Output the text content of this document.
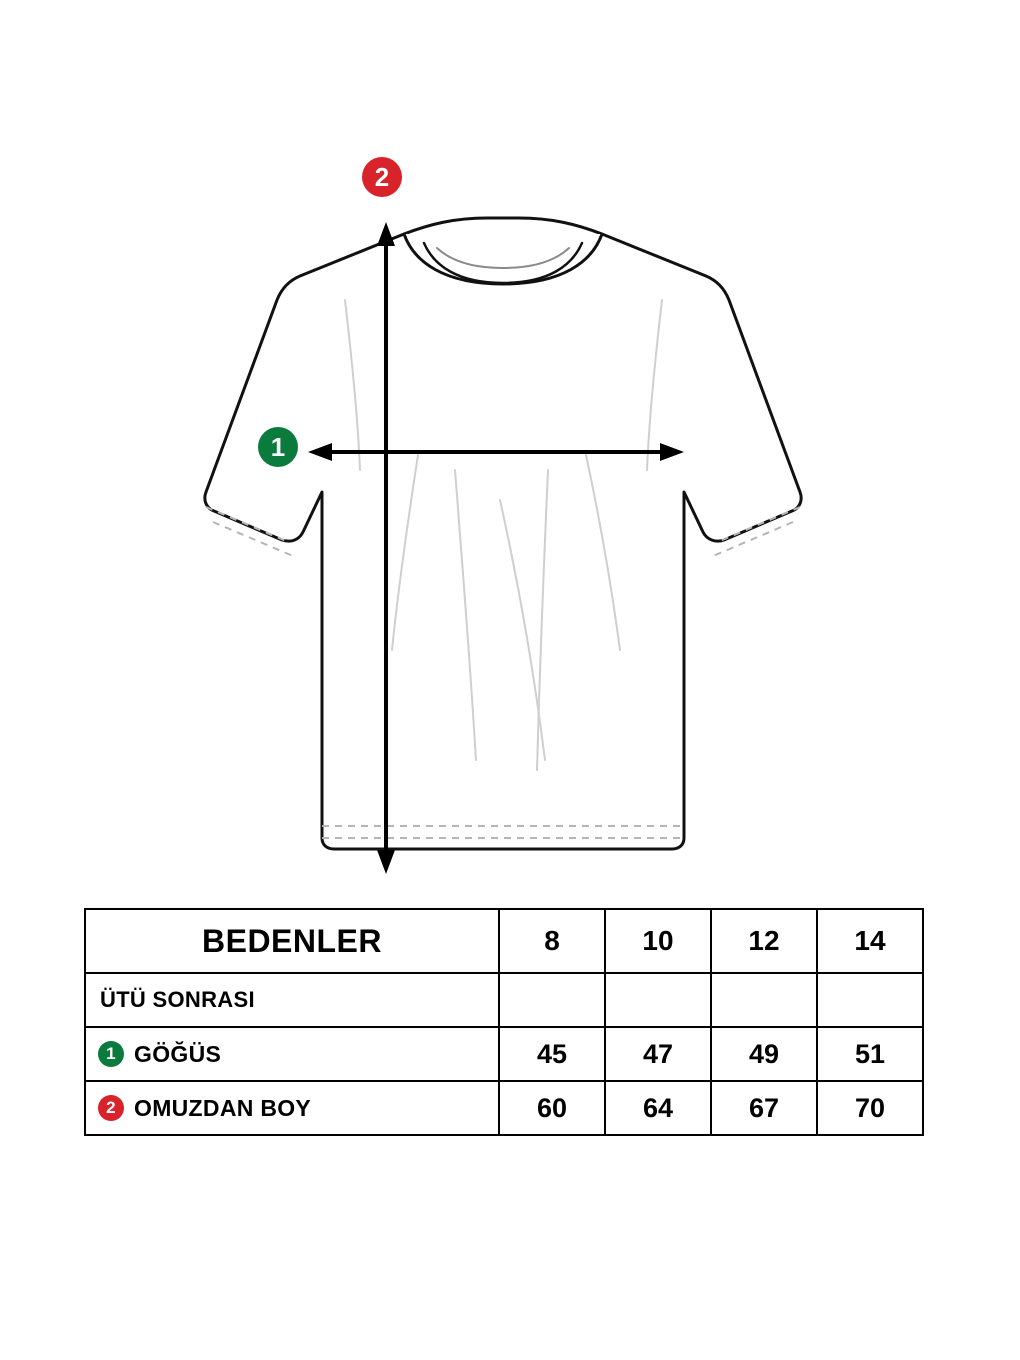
1
2
BEDENLER	8	10	12	14
ÜTÜ SONRASI				

1 GÖĞÜS	45	47	49	51

2 OMUZDAN BOY	60	64	67	70
